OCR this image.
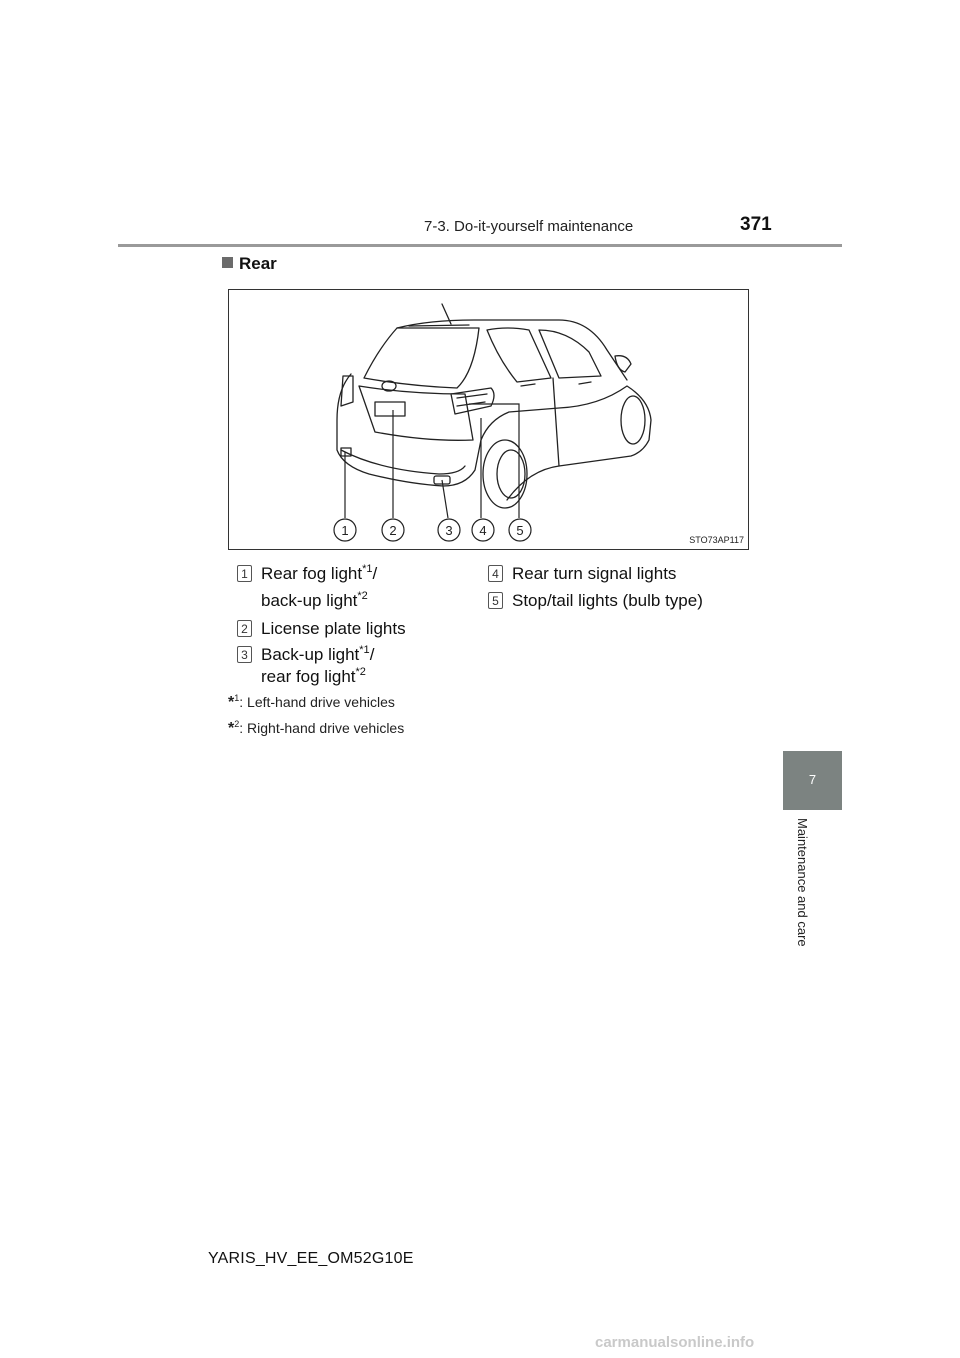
7-3. Do-it-yourself maintenance	371
Rear
1	2	3 4 5
STO73AP117
1 Rear fog light$^{*1}$/
back-up light$^{*2}$
2 License plate lights
3 Back-up light$^{*1}$/
rear fog light$^{*2}$
4 Rear turn signal lights
5 Stop/tail lights (bulb type)
*$^1$: Left-hand drive vehicles
*$^2$: Right-hand drive vehicles
7
Maintenance and care
YARIS_HV_EE_OM52G10E
carmanualsonline.info
